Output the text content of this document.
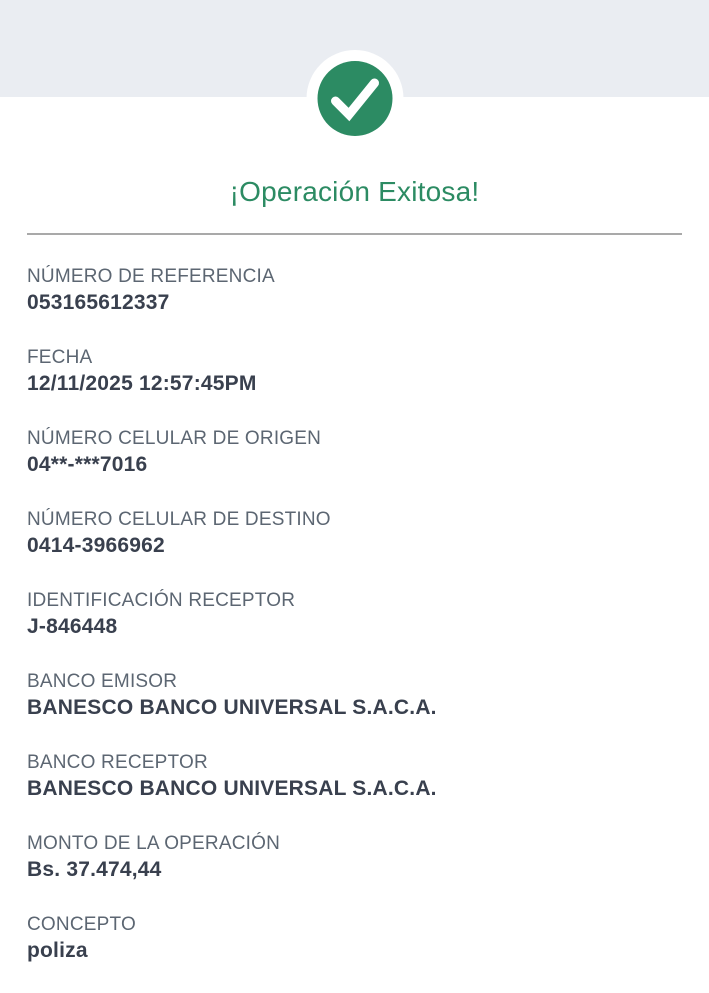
¡Operación Exitosa!
NÚMERO DE REFERENCIA
053165612337
FECHA
12/11/2025 12:57:45PM
NÚMERO CELULAR DE ORIGEN
04**-***7016
NÚMERO CELULAR DE DESTINO
0414-3966962
IDENTIFICACIÓN RECEPTOR
J-846448
BANCO EMISOR
BANESCO BANCO UNIVERSAL S.A.C.A.
BANCO RECEPTOR
BANESCO BANCO UNIVERSAL S.A.C.A.
MONTO DE LA OPERACIÓN
Bs. 37.474,44
CONCEPTO
poliza
